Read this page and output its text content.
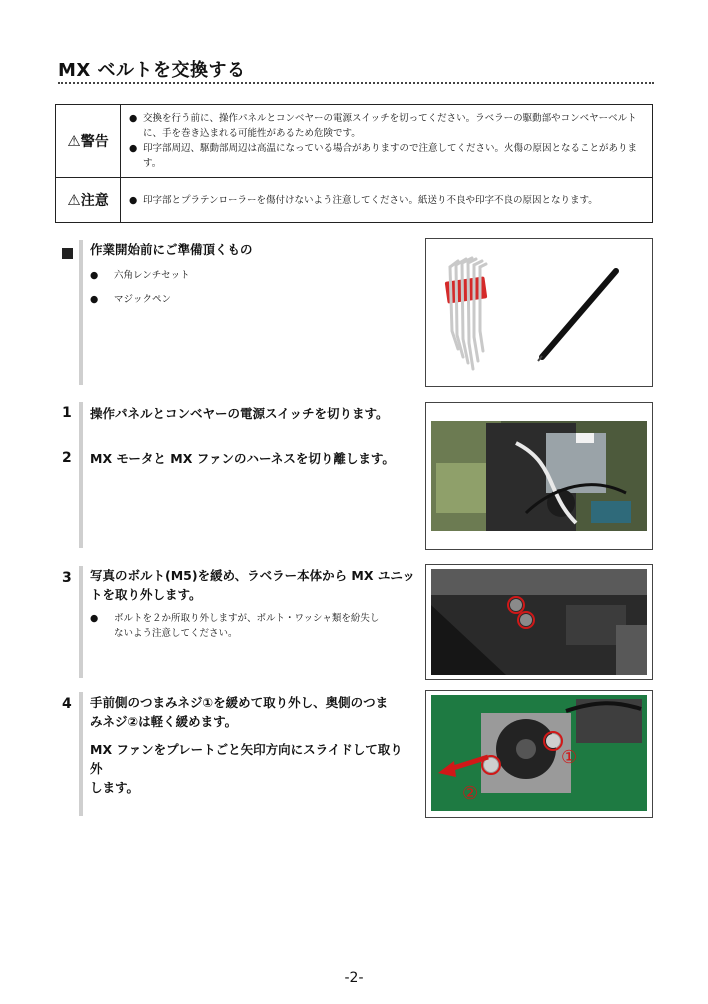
MX ベルトを交換する
⚠警告	● 交換を行う前に、操作パネルとコンベヤーの電源スイッチを切ってください。ラベラーの駆動部やコンベヤーベルトに、手を巻き込まれる可能性があるため危険です。
● 印字部周辺、駆動部周辺は高温になっている場合がありますので注意してください。火傷の原因となることがあります。

⚠注意	● 印字部とプラテンローラーを傷付けないよう注意してください。紙送り不良や印字不良の原因となります。
作業開始前にご準備頂くもの
●	六角レンチセット
●	マジックペン
1 操作パネルとコンベヤーの電源スイッチを切ります。
2 MX モータと MX ファンのハーネスを切り離します。
3 写真のボルト(M5)を緩め、ラベラー本体から MX ユニッ
トを取り外します。
●	ボルトを２か所取り外しますが、ボルト・ワッシャ類を紛失し
ないよう注意してください。
4 手前側のつまみネジ①を緩めて取り外し、奥側のつま
みネジ②は軽く緩めます。
MX ファンをプレートごと矢印方向にスライドして取り外
します。
①
②
-2-
